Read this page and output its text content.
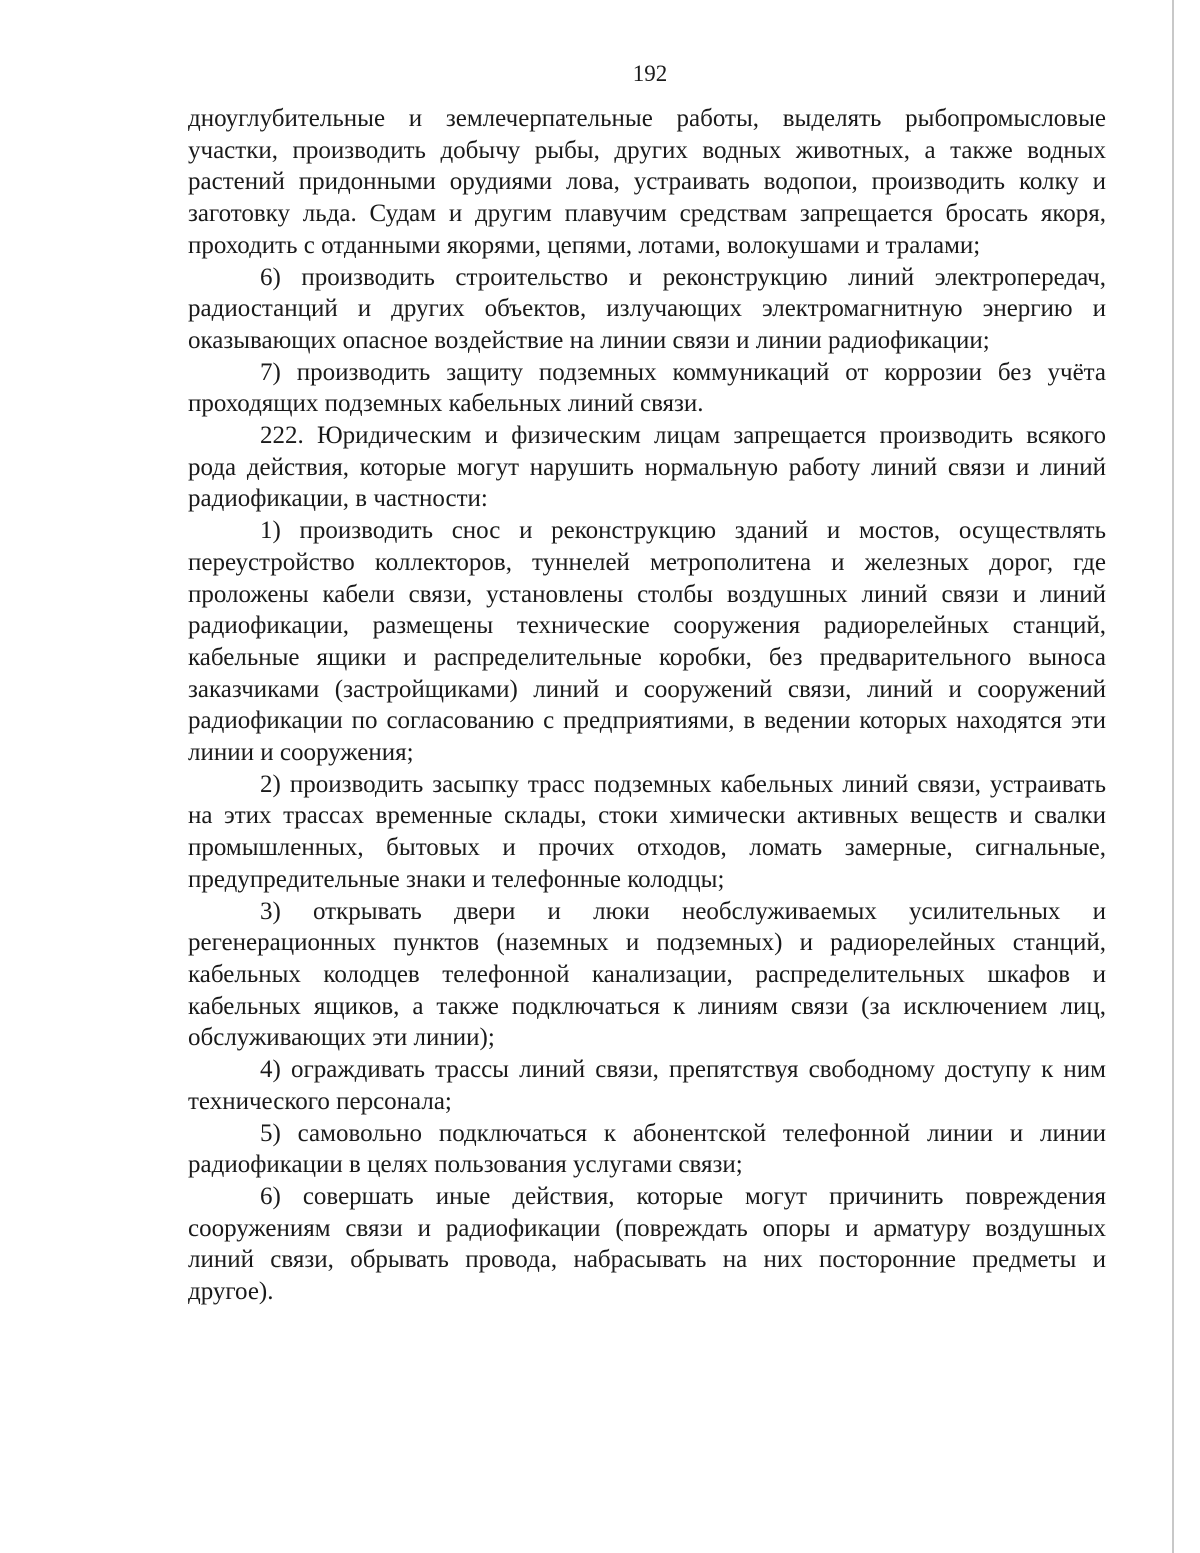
192

дноуглубительные и землечерпательные работы, выделять рыбопромысловые участки, производить добычу рыбы, других водных животных, а также водных растений придонными орудиями лова, устраивать водопои, производить колку и заготовку льда. Судам и другим плавучим средствам запрещается бросать якоря, проходить с отданными якорями, цепями, лотами, волокушами и тралами;

6) производить строительство и реконструкцию линий электропередач, радиостанций и других объектов, излучающих электромагнитную энергию и оказывающих опасное воздействие на линии связи и линии радиофикации;

7) производить защиту подземных коммуникаций от коррозии без учёта проходящих подземных кабельных линий связи.

222. Юридическим и физическим лицам запрещается производить всякого рода действия, которые могут нарушить нормальную работу линий связи и линий радиофикации, в частности:

1) производить снос и реконструкцию зданий и мостов, осуществлять переустройство коллекторов, туннелей метрополитена и железных дорог, где проложены кабели связи, установлены столбы воздушных линий связи и линий радиофикации, размещены технические сооружения радиорелейных станций, кабельные ящики и распределительные коробки, без предварительного выноса заказчиками (застройщиками) линий и сооружений связи, линий и сооружений радиофикации по согласованию с предприятиями, в ведении которых находятся эти линии и сооружения;

2) производить засыпку трасс подземных кабельных линий связи, устраивать на этих трассах временные склады, стоки химически активных веществ и свалки промышленных, бытовых и прочих отходов, ломать замерные, сигнальные, предупредительные знаки и телефонные колодцы;

3) открывать двери и люки необслуживаемых усилительных и регенерационных пунктов (наземных и подземных) и радиорелейных станций, кабельных колодцев телефонной канализации, распределительных шкафов и кабельных ящиков, а также подключаться к линиям связи (за исключением лиц, обслуживающих эти линии);

4) ограждивать трассы линий связи, препятствуя свободному доступу к ним технического персонала;

5) самовольно подключаться к абонентской телефонной линии и линии радиофикации в целях пользования услугами связи;

6) совершать иные действия, которые могут причинить повреждения сооружениям связи и радиофикации (повреждать опоры и арматуру воздушных линий связи, обрывать провода, набрасывать на них посторонние предметы и другое).
